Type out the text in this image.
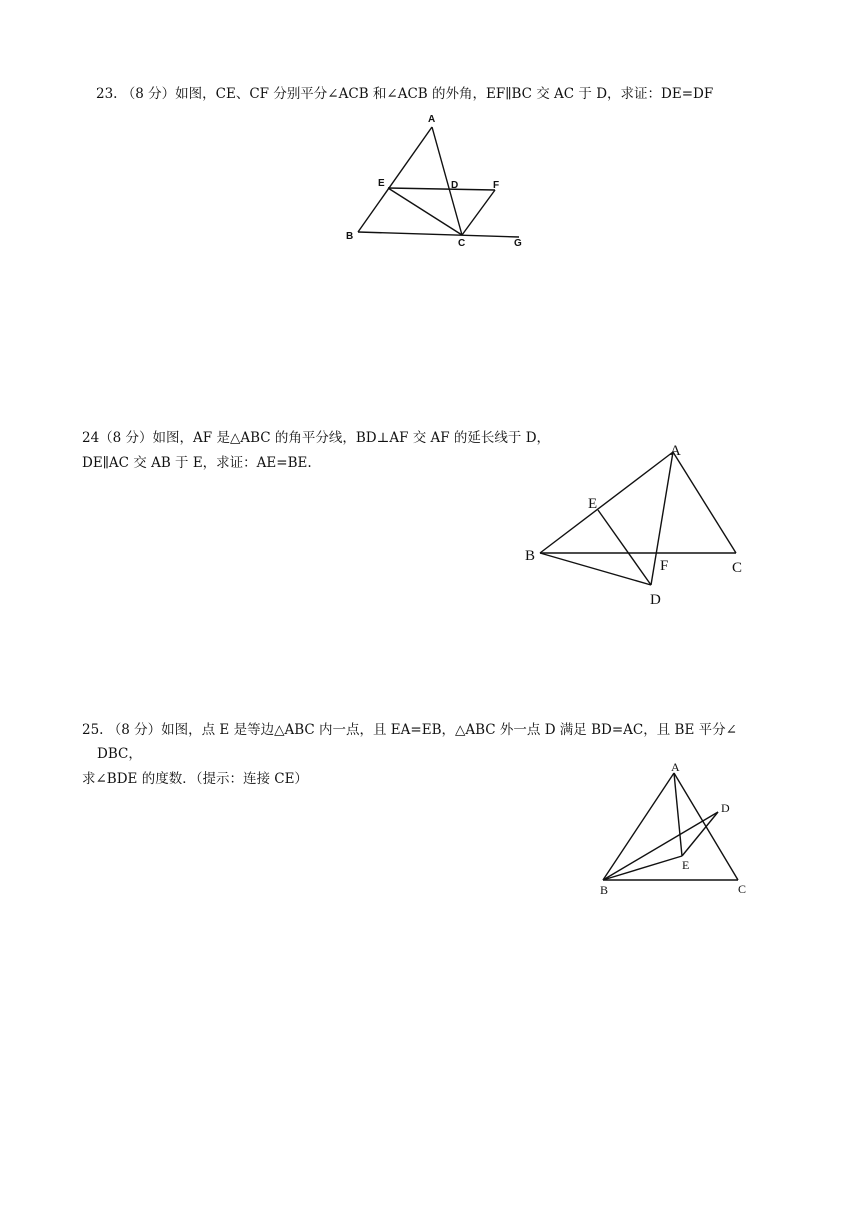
23. （8 分）如图，CE、CF 分别平分∠ACB 和∠ACB 的外角，EF∥BC 交 AC 于 D，求证：DE=DF
A
E	D	F
B
C	G
24（8 分）如图，AF 是△ABC 的角平分线，BD⊥AF 交 AF 的延长线于 D，
DE∥AC 交 AB 于 E，求证：AE=BE.
A
E
B
F	C
D
25. （8 分）如图，点 E 是等边△ABC 内一点，且 EA=EB，△ABC 外一点 D 满足 BD=AC，且 BE 平分∠
DBC，
求∠BDE 的度数．（提示：连接 CE）
A
D
E
B	C
